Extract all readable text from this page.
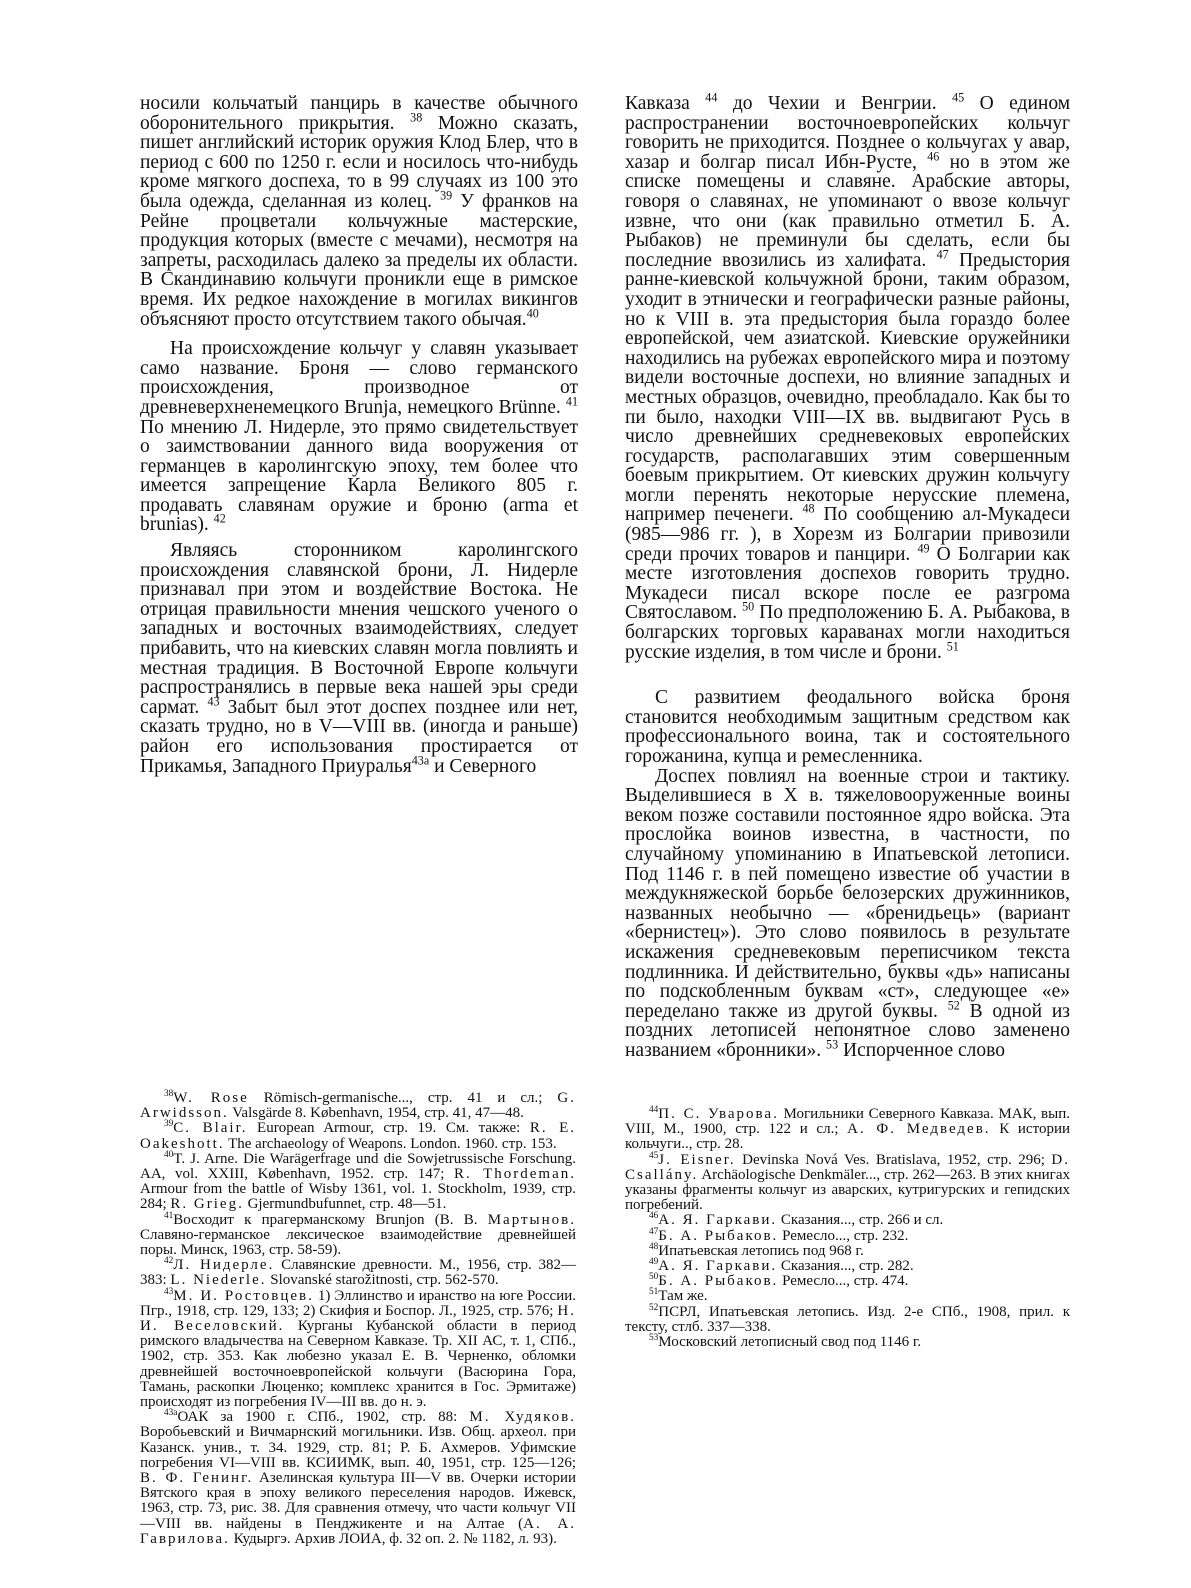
носили кольчатый панцирь в качестве обычного оборонительного прикрытия. $^{38}$ Можно сказать, пишет английский историк оружия Клод Блер, что в период с 600 по 1250 г. если и носилось что-нибудь кроме мягкого доспеха, то в 99 случаях из 100 это была одежда, сделанная из колец. $^{39}$ У франков на Рейне процветали кольчужные мастерские, продукция которых (вместе с мечами), несмотря на запреты, расходилась далеко за пределы их области. В Скандинавию кольчуги проникли еще в римское время. Их редкое нахождение в могилах викингов объясняют просто отсутствием такого обычая.$^{40}$

На происхождение кольчуг у славян указывает само название. Броня — слово германского происхождения, производное от древневерхненемецкого Brunja, немецкого Brünne. $^{41}$ По мнению Л. Нидерле, это прямо свидетельствует о заимствовании данного вида вооружения от германцев в каролингскую эпоху, тем более что имеется запрещение Карла Великого 805 г. продавать славянам оружие и броню (arma et brunias). $^{42}$

Являясь сторонником каролингского происхождения славянской брони, Л. Нидерле признавал при этом и воздействие Востока. Не отрицая правильности мнения чешского ученого о западных и восточных взаимодействиях, следует прибавить, что на киевских славян могла повлиять и местная традиция. В Восточной Европе кольчуги распространялись в первые века нашей эры среди сармат. $^{43}$ Забыт был этот доспех позднее или нет, сказать трудно, но в V—VIII вв. (иногда и раньше) район его использования простирается от Прикамья, Западного Приуралья$^{43а}$ и Северного

Кавказа $^{44}$ до Чехии и Венгрии. $^{45}$ О едином распространении восточноевропейских кольчуг говорить не приходится. Позднее о кольчугах у авар, хазар и болгар писал Ибн-Русте, $^{46}$ но в этом же списке помещены и славяне. Арабские авторы, говоря о славянах, не упоминают о ввозе кольчуг извне, что они (как правильно отметил Б. А. Рыбаков) не преминули бы сделать, если бы последние ввозились из халифата. $^{47}$ Предыстория ранне-киевской кольчужной брони, таким образом, уходит в этнически и географически разные районы, но к VIII в. эта предыстория была гораздо более европейской, чем азиатской. Киевские оружейники находились на рубежах европейского мира и поэтому видели восточные доспехи, но влияние западных и местных образцов, очевидно, преобладало. Как бы то пи было, находки VIII—IX вв. выдвигают Русь в число древнейших средневековых европейских государств, располагавших этим совершенным боевым прикрытием. От киевских дружин кольчугу могли перенять некоторые нерусские племена, например печенеги. $^{48}$ По сообщению ал-Мукадеси (985—986 гг. ), в Хорезм из Болгарии привозили среди прочих товаров и панцири. $^{49}$ О Болгарии как месте изготовления доспехов говорить трудно. Мукадеси писал вскоре после ее разгрома Святославом. $^{50}$ По предположению Б. А. Рыбакова, в болгарских торговых караванах могли находиться русские изделия, в том числе и брони. $^{51}$

С развитием феодального войска броня становится необходимым защитным средством как профессионального воина, так и состоятельного горожанина, купца и ремесленника.

Доспех повлиял на военные строи и тактику. Выделившиеся в X в. тяжеловооруженные воины веком позже составили постоянное ядро войска. Эта прослойка воинов известна, в частности, по случайному упоминанию в Ипатьевской летописи. Под 1146 г. в пей помещено известие об участии в междукняжеской борьбе белозерских дружинников, названных необычно — «бренидьець» (вариант «бернистец»). Это слово появилось в результате искажения средневековым переписчиком текста подлинника. И действительно, буквы «дь» написаны по подскобленным буквам «ст», следующее «е» переделано также из другой буквы. $^{52}$ В одной из поздних летописей непонятное слово заменено названием «бронники». $^{53}$ Испорченное слово

$^{38}$W. Rose Römisch-germanische..., стр. 41 и сл.; G. Arwidsson. Valsgärde 8. København, 1954, стр. 41, 47—48.

$^{39}$C. Blair. European Armour, стр. 19. См. также: R. E. Oakeshott. The archaeology of Weapons. London. 1960. стр. 153.

$^{40}$T. J. Arne. Die Warägerfrage und die Sowjetrussische Forschung. AA, vol. XXIII, København, 1952. стр. 147; R. Thordeman. Armour from the battle of Wisby 1361, vol. 1. Stockholm, 1939, стр. 284; R. Grieg. Gjermundbufunnet, стр. 48—51.

$^{41}$Восходит к прагерманскому Brunjon (В. В. Мартынов. Славяно-германское лексическое взаимодействие древнейшей поры. Минск, 1963, стр. 58-59).

$^{42}$Л. Нидерле. Славянские древности. М., 1956, стр. 382—383: L. Niederle. Slovanské starožitnosti, стр. 562-570.

$^{43}$М. И. Ростовцев. 1) Эллинство и иранство на юге России. Пгр., 1918, стр. 129, 133; 2) Скифия и Боспор. Л., 1925, стр. 576; Н. И. Веселовский. Курганы Кубанской области в период римского владычества на Северном Кавказе. Тр. XII АС, т. 1, СПб., 1902, стр. 353. Как любезно указал Е. В. Черненко, обломки древнейшей восточноевропейской кольчуги (Васюрина Гора, Тамань, раскопки Люценко; комплекс хранится в Гос. Эрмитаже) происходят из погребения IV—III вв. до н. э.

$^{43а}$ОАК за 1900 г. СПб., 1902, стр. 88: М. Худяков. Воробьевский и Вичмарнский могильники. Изв. Общ. археол. при Казанск. унив., т. 34. 1929, стр. 81; Р. Б. Ахмеров. Уфимские погребения VI—VIII вв. КСИИМК, вып. 40, 1951, стр. 125—126; В. Ф. Генинг. Азелинская культура III—V вв. Очерки истории Вятского края в эпоху великого переселения народов. Ижевск, 1963, стр. 73, рис. 38. Для сравнения отмечу, что части кольчуг VII—VIII вв. найдены в Пенджикенте и на Алтае (А. А. Гаврилова. Кудыргэ. Архив ЛОИА, ф. 32 оп. 2. № 1182, л. 93).

$^{44}$П. С. Уварова. Могильники Северного Кавказа. МАК, вып. VIII, М., 1900, стр. 122 и сл.; А. Ф. Медведев. К истории кольчуги.., стр. 28.

$^{45}$J. Eisner. Devinska Nová Ves. Bratislava, 1952, стр. 296; D. Csallány. Archäologische Denkmäler..., стр. 262—263. В этих книгах указаны фрагменты кольчуг из аварских, кутригурских и гепидских погребений.

$^{46}$А. Я. Гаркави. Сказания..., стр. 266 и сл.

$^{47}$Б. А. Рыбаков. Ремесло..., стр. 232.

$^{48}$Ипатьевская летопись под 968 г.

$^{49}$А. Я. Гаркави. Сказания..., стр. 282.

$^{50}$Б. А. Рыбаков. Ремесло..., стр. 474.

$^{51}$Там же.

$^{52}$ПСРЛ, Ипатьевская летопись. Изд. 2-е СПб., 1908, прил. к тексту, стлб. 337—338.

$^{53}$Московский летописный свод под 1146 г.
